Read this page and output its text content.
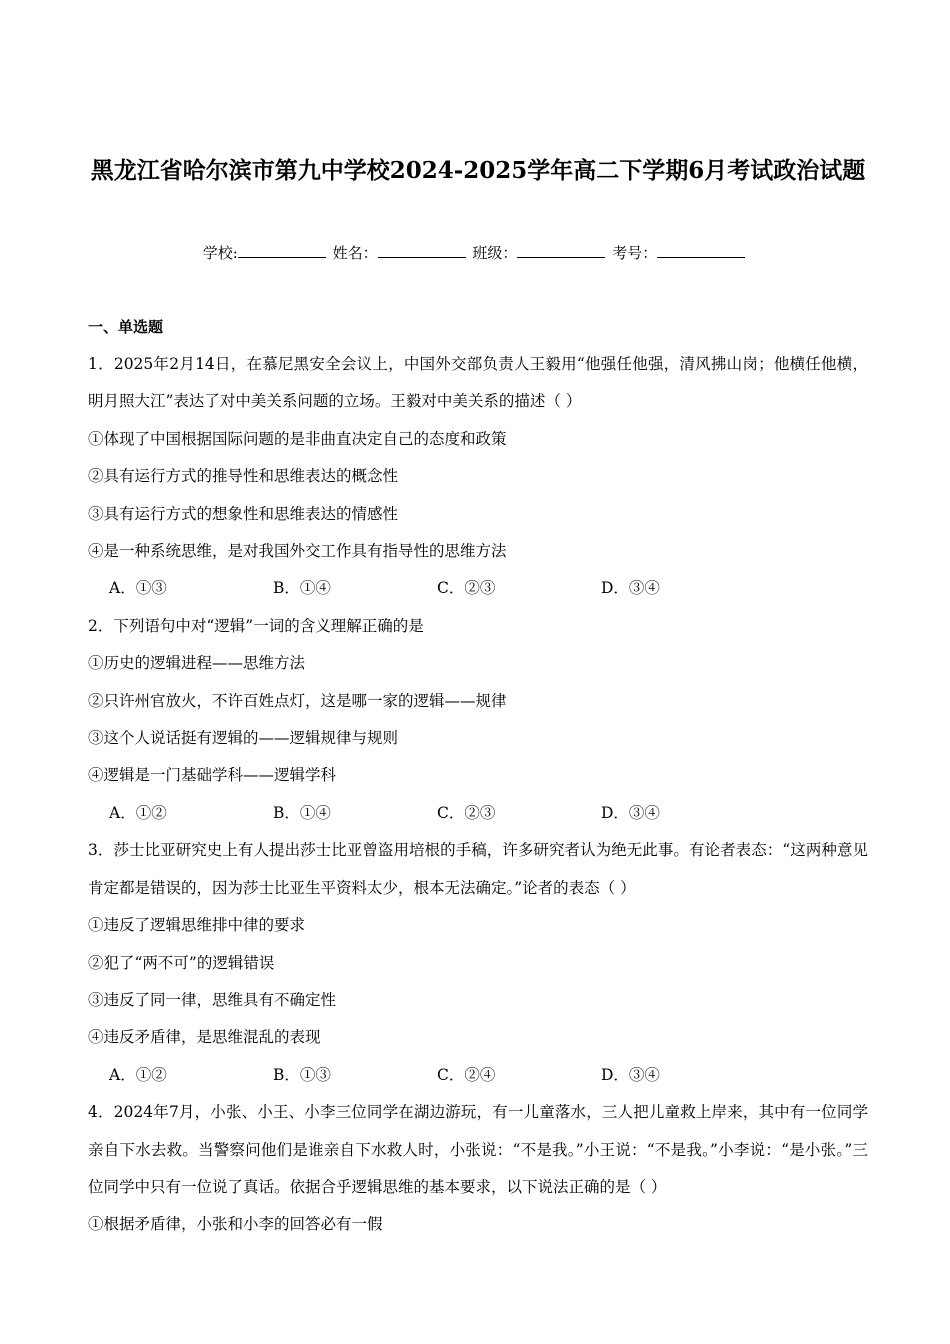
黑龙江省哈尔滨市第九中学校2024-2025学年高二下学期6月考试政治试题
学校:	姓名：	班级：	考号：
一、单选题

1．2025年2月14日，在慕尼黑安全会议上，中国外交部负责人王毅用“他强任他强，清风拂山岗；他横任他横，明月照大江”表达了对中美关系问题的立场。王毅对中美关系的描述（ ）

①体现了中国根据国际问题的是非曲直决定自己的态度和政策

②具有运行方式的推导性和思维表达的概念性

③具有运行方式的想象性和思维表达的情感性

④是一种系统思维，是对我国外交工作具有指导性的思维方法

A．①③	B．①④	C．②③	D．③④

2．下列语句中对“逻辑”一词的含义理解正确的是

①历史的逻辑进程——思维方法

②只许州官放火，不许百姓点灯，这是哪一家的逻辑——规律

③这个人说话挺有逻辑的——逻辑规律与规则

④逻辑是一门基础学科——逻辑学科

A．①②	B．①④	C．②③	D．③④

3．莎士比亚研究史上有人提出莎士比亚曾盗用培根的手稿，许多研究者认为绝无此事。有论者表态：“这两种意见肯定都是错误的，因为莎士比亚生平资料太少，根本无法确定。”论者的表态（ ）

①违反了逻辑思维排中律的要求

②犯了“两不可”的逻辑错误

③违反了同一律，思维具有不确定性

④违反矛盾律，是思维混乱的表现

A．①②	B．①③	C．②④	D．③④

4．2024年7月，小张、小王、小李三位同学在湖边游玩，有一儿童落水，三人把儿童救上岸来，其中有一位同学亲自下水去救。当警察问他们是谁亲自下水救人时，小张说：“不是我。”小王说：“不是我。”小李说：“是小张。”三位同学中只有一位说了真话。依据合乎逻辑思维的基本要求，以下说法正确的是（ ）

①根据矛盾律，小张和小李的回答必有一假
